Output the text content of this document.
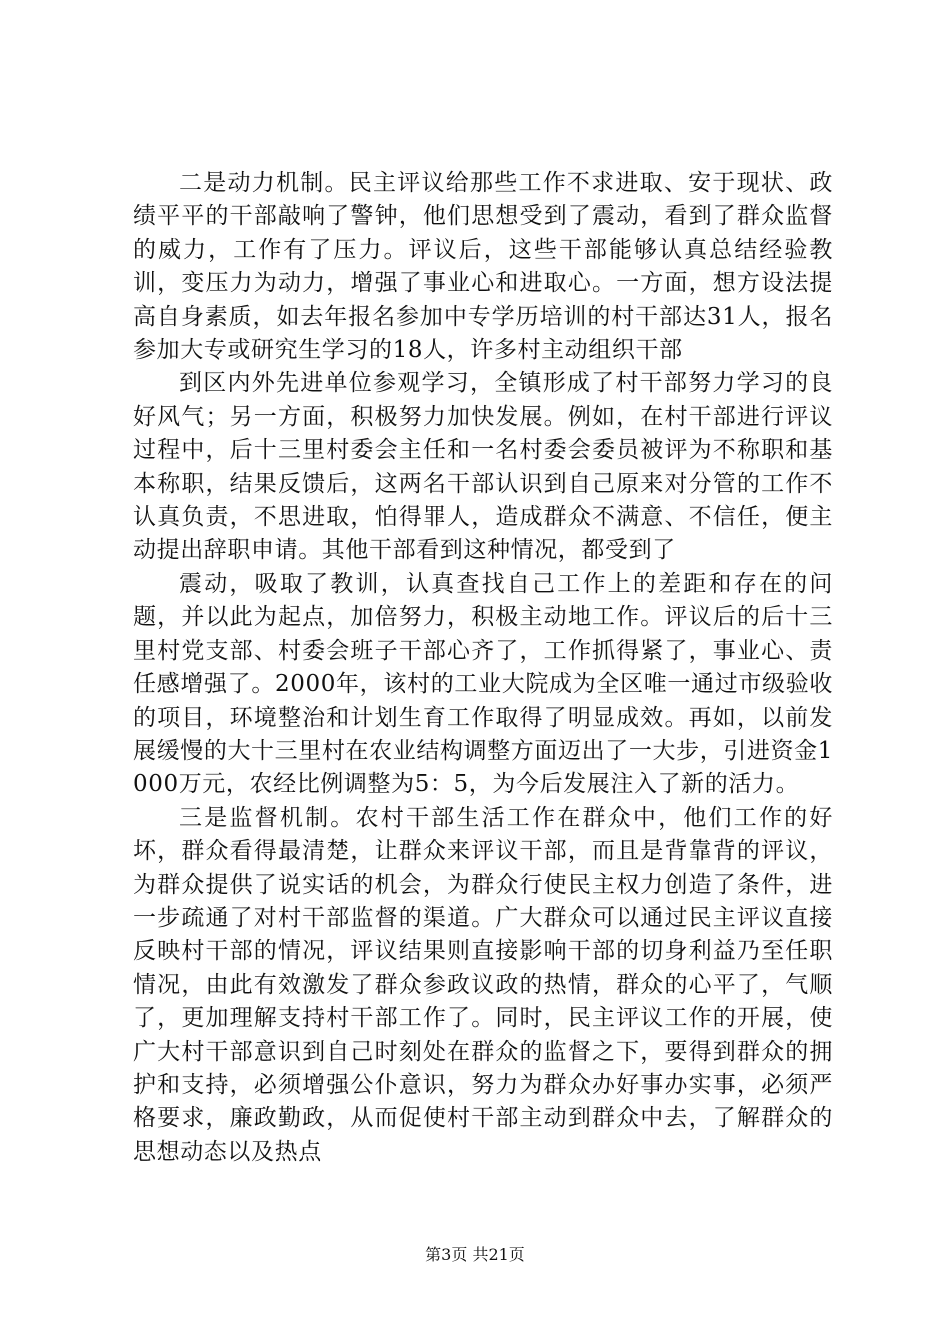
二是动力机制。民主评议给那些工作不求进取、安于现状、政绩平平的干部敲响了警钟，他们思想受到了震动，看到了群众监督的威力，工作有了压力。评议后，这些干部能够认真总结经验教训，变压力为动力，增强了事业心和进取心。一方面，想方设法提高自身素质，如去年报名参加中专学历培训的村干部达31人，报名参加大专或研究生学习的18人，许多村主动组织干部

到区内外先进单位参观学习，全镇形成了村干部努力学习的良好风气；另一方面，积极努力加快发展。例如，在村干部进行评议过程中，后十三里村委会主任和一名村委会委员被评为不称职和基本称职，结果反馈后，这两名干部认识到自己原来对分管的工作不认真负责，不思进取，怕得罪人，造成群众不满意、不信任，便主动提出辞职申请。其他干部看到这种情况，都受到了

震动，吸取了教训，认真查找自己工作上的差距和存在的问题，并以此为起点，加倍努力，积极主动地工作。评议后的后十三里村党支部、村委会班子干部心齐了，工作抓得紧了，事业心、责任感增强了。2000年，该村的工业大院成为全区唯一通过市级验收的项目，环境整治和计划生育工作取得了明显成效。再如，以前发展缓慢的大十三里村在农业结构调整方面迈出了一大步，引进资金1000万元，农经比例调整为5：5，为今后发展注入了新的活力。

三是监督机制。农村干部生活工作在群众中，他们工作的好坏，群众看得最清楚，让群众来评议干部，而且是背靠背的评议，为群众提供了说实话的机会，为群众行使民主权力创造了条件，进一步疏通了对村干部监督的渠道。广大群众可以通过民主评议直接反映村干部的情况，评议结果则直接影响干部的切身利益乃至任职情况，由此有效激发了群众参政议政的热情，群众的心平了，气顺了，更加理解支持村干部工作了。同时，民主评议工作的开展，使广大村干部意识到自己时刻处在群众的监督之下，要得到群众的拥护和支持，必须增强公仆意识，努力为群众办好事办实事，必须严格要求，廉政勤政，从而促使村干部主动到群众中去，了解群众的思想动态以及热点

第3页 共21页
